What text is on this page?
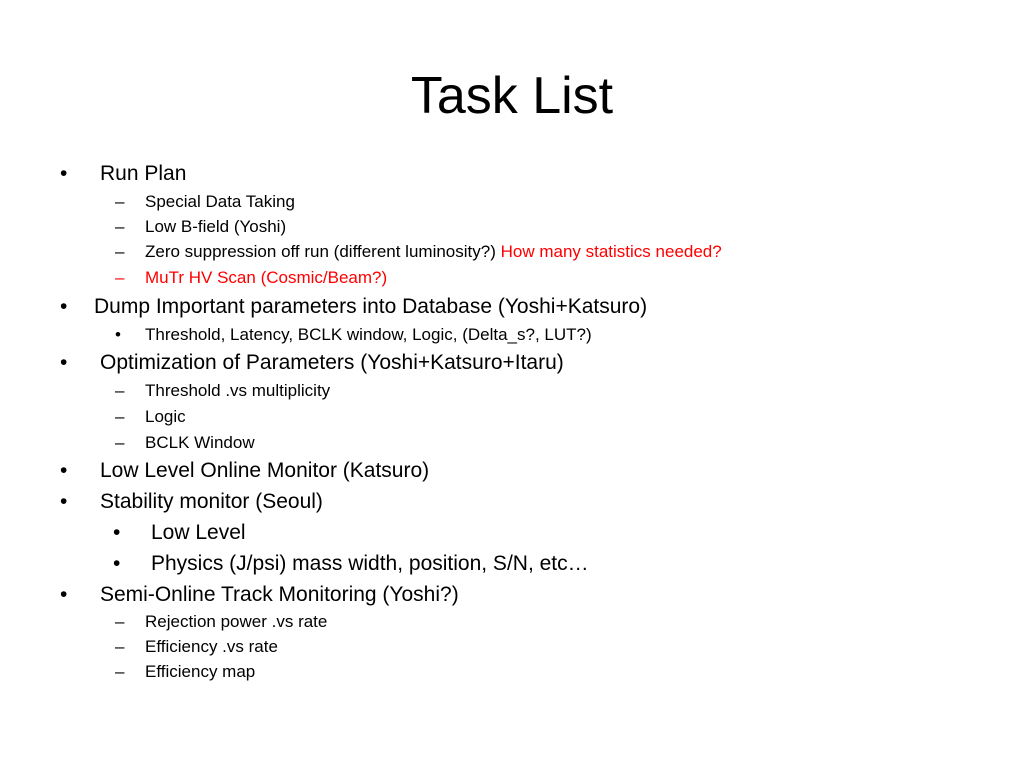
Task List
Run Plan
•
– Special Data Taking
– Low B-field (Yoshi)
– Zero suppression off run (different luminosity?) How many statistics needed?
– MuTr HV Scan (Cosmic/Beam?)
• Dump Important parameters into Database (Yoshi+Katsuro)
• Threshold, Latency, BCLK window, Logic, (Delta_s?, LUT?)
• Optimization of Parameters (Yoshi+Katsuro+Itaru)
– Threshold .vs multiplicity
– Logic
– BCLK Window
• Low Level Online Monitor (Katsuro)
• Stability monitor (Seoul)
• Low Level
• Physics (J/psi) mass width, position, S/N, etc…
• Semi-Online Track Monitoring (Yoshi?)
– Rejection power .vs rate
– Efficiency .vs rate
– Efficiency map
